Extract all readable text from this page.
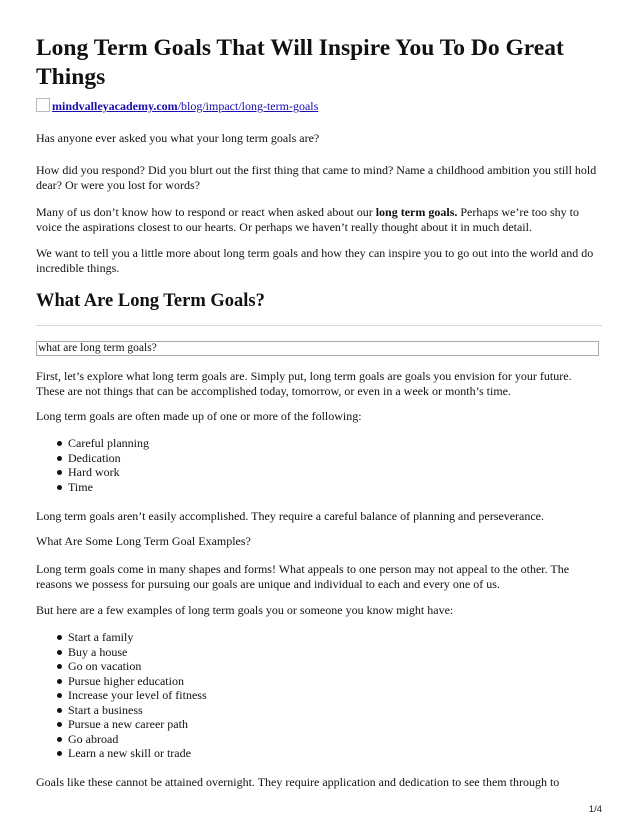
Long Term Goals That Will Inspire You To Do Great Things
mindvalleyacademy.com/blog/impact/long-term-goals

Has anyone ever asked you what your long term goals are?

How did you respond? Did you blurt out the first thing that came to mind? Name a childhood ambition you still hold dear? Or were you lost for words?

Many of us don’t know how to respond or react when asked about our long term goals. Perhaps we’re too shy to voice the aspirations closest to our hearts. Or perhaps we haven’t really thought about it in much detail.

We want to tell you a little more about long term goals and how they can inspire you to go out into the world and do incredible things.

What Are Long Term Goals?
what are long term goals?

First, let’s explore what long term goals are. Simply put, long term goals are goals you envision for your future. These are not things that can be accomplished today, tomorrow, or even in a week or month’s time.

Long term goals are often made up of one or more of the following:

Careful planning
Dedication
Hard work
Time

Long term goals aren’t easily accomplished. They require a careful balance of planning and perseverance.

What Are Some Long Term Goal Examples?

Long term goals come in many shapes and forms! What appeals to one person may not appeal to the other. The reasons we possess for pursuing our goals are unique and individual to each and every one of us.

But here are a few examples of long term goals you or someone you know might have:

Start a family
Buy a house
Go on vacation
Pursue higher education
Increase your level of fitness
Start a business
Pursue a new career path
Go abroad
Learn a new skill or trade

Goals like these cannot be attained overnight. They require application and dedication to see them through to

1/4
